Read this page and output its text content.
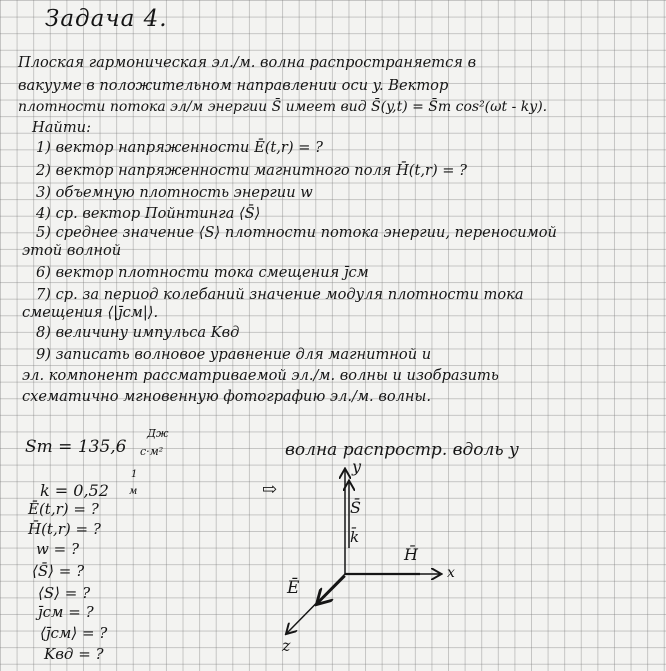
Задача 4.
Плоская гармоническая эл./м. волна распространяется в
вакууме в положительном направлении оси y. Вектор
плотности потока эл/м энергии S̄ имеет вид S̄(y,t) = S̄m cos²(ωt - ky).
Найти:
1) вектор напряженности Ē(t,r) = ?
2) вектор напряженности магнитного поля H̄(t,r) = ?
3) объемную плотность энергии w
4) ср. вектор Пойнтинга ⟨S̄⟩
5) среднее значение ⟨S⟩ плотности потока энергии, переносимой
этой волной
6) вектор плотности тока смещения j̄см
7) ср. за период колебаний значение модуля плотности тока
смещения ⟨|j̄см|⟩.
8) величину импульса Kвд
9) записать волновое уравнение для магнитной и
эл. компонент рассматриваемой эл./м. волны и изобразить
схематично мгновенную фотографию эл./м. волны.
Sm = 135,6
Дж
с·м²
k = 0,52
1
м
Ē(t,r) = ?
H̄(t,r) = ?
w = ?
⟨S̄⟩ = ?
⟨S⟩ = ?
j̄см = ?
⟨j̄см⟩ = ?
Kвд = ?
⇨
волна распростр. вдоль y
y
x
z
S̄
k̄
H̄
Ē
